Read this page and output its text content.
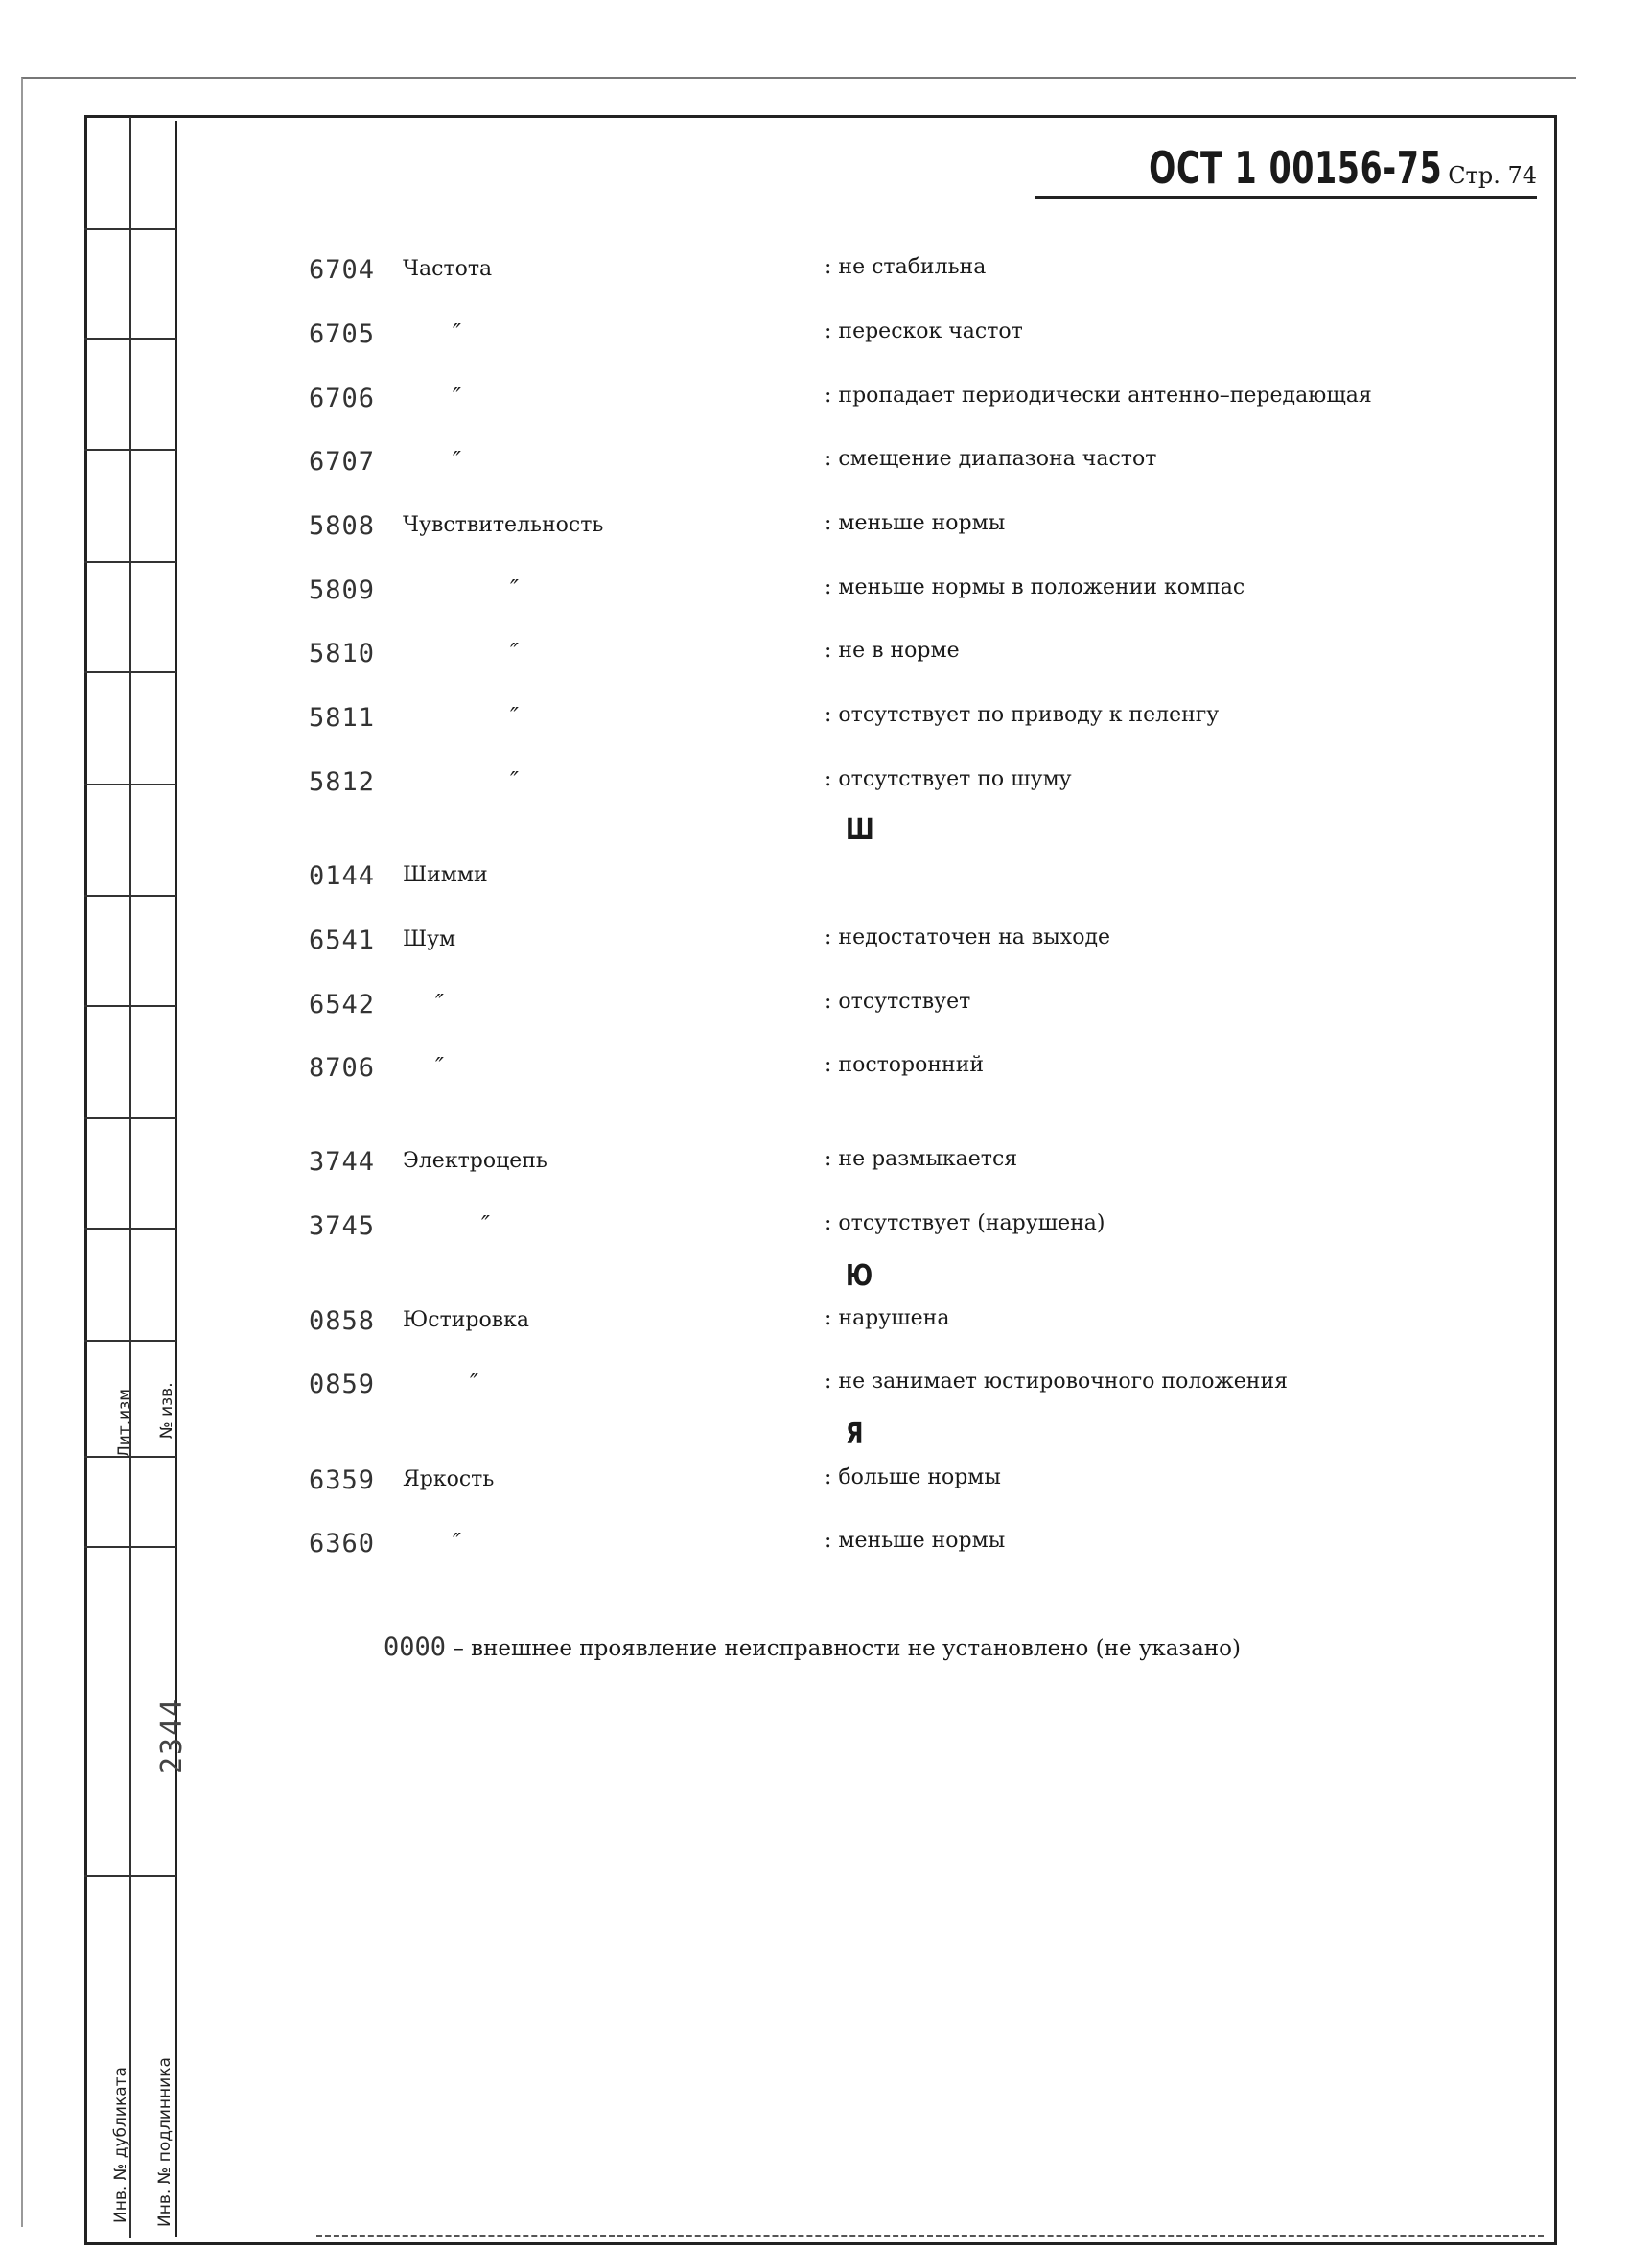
Лит.изм № изв.
2344
Инв. № дубликата Инв. № подлинника
ОСТ 1 00156-75 Стр. 74
6704 Частота	: не стабильна
6705	″	: перескок частот
6706	″	: пропадает периодически антенно–передающая
6707	″	: смещение диапазона частот
5808 Чувствительность	: меньше нормы
5809	″	: меньше нормы в положении компас
5810	″	: не в норме
5811	″	: отсутствует по приводу к пеленгу
5812	″	: отсутствует по шуму
Ш
0144 Шимми
6541 Шум	: недостаточен на выходе
6542	″	: отсутствует
8706	″	: посторонний
3744 Электроцепь	: не размыкается
3745	″	: отсутствует (нарушена)
Ю
0858 Юстировка	: нарушена
0859	″	: не занимает юстировочного положения
Я
6359 Яркость	: больше нормы
6360	″	: меньше нормы
0000 – внешнее проявление неисправности не установлено (не указано)
